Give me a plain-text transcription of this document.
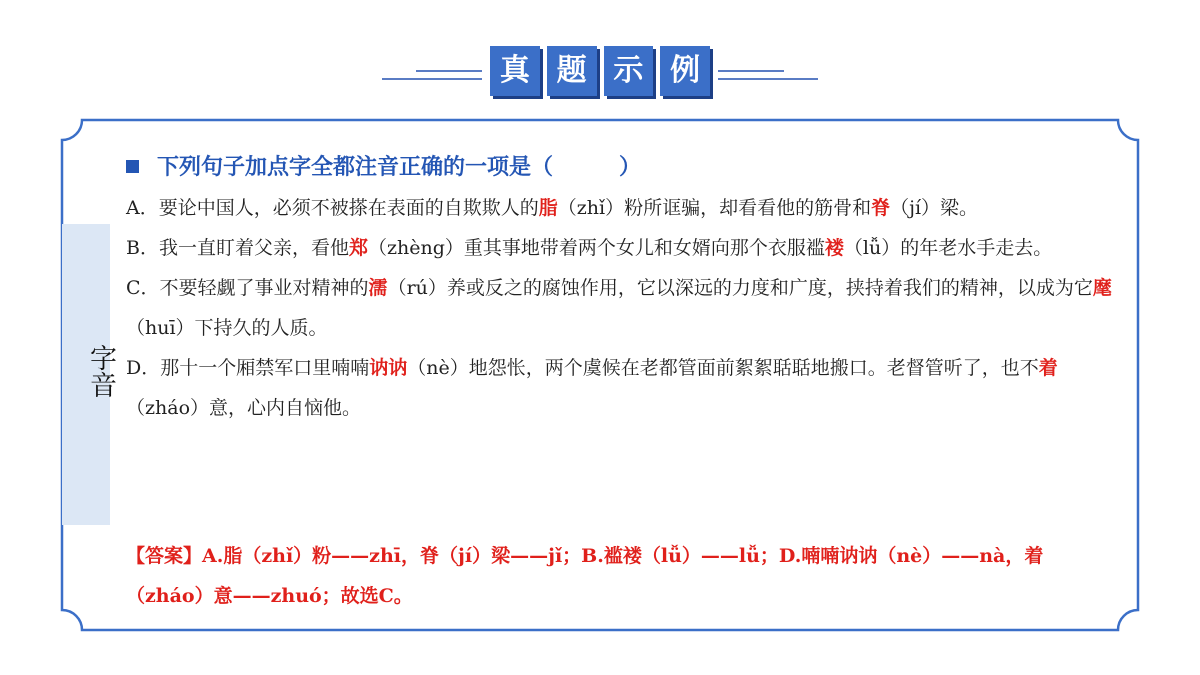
真 题 示 例
字音
下列句子加点字全都注音正确的一项是（　　　）
A．要论中国人，必须不被搽在表面的自欺欺人的脂（zhǐ）粉所诓骗，却看看他的筋骨和脊（jí）梁。
B．我一直盯着父亲，看他郑（zhèng）重其事地带着两个女儿和女婿向那个衣服褴褛（lǚ）的年老水手走去。
C．不要轻觑了事业对精神的濡（rú）养或反之的腐蚀作用，它以深远的力度和广度，挟持着我们的精神，以成为它麾（huī）下持久的人质。
D．那十一个厢禁军口里喃喃讷讷（nè）地怨怅，两个虞候在老都管面前絮絮聒聒地搬口。老督管听了，也不着（zháo）意，心内自恼他。
【答案】A.脂（zhǐ）粉——zhī，脊（jí）梁——jǐ；B.褴褛（lǚ）——lǚ；D.喃喃讷讷（nè）——nà，着（zháo）意——zhuó；故选C。
